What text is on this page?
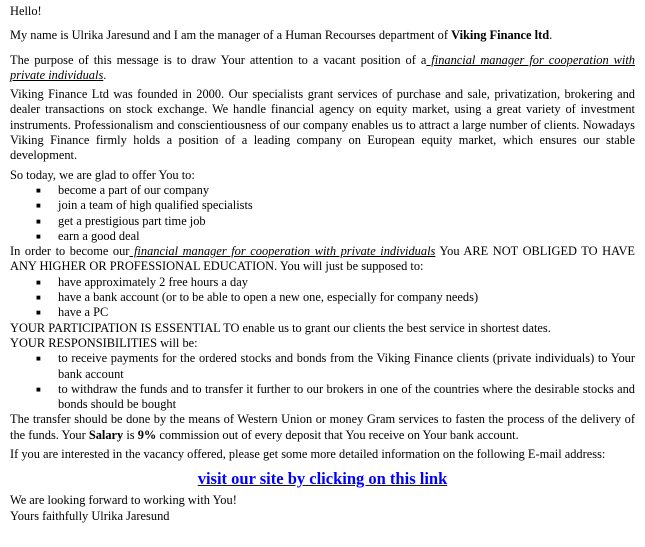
Hello!

My name is Ulrika Jaresund and I am the manager of a Human Recourses department of Viking Finance ltd.

The purpose of this message is to draw Your attention to a vacant position of a financial manager for cooperation with private individuals.

Viking Finance Ltd was founded in 2000. Our specialists grant services of purchase and sale, privatization, brokering and dealer transactions on stock exchange. We handle financial agency on equity market, using a great variety of investment instruments. Professionalism and conscientiousness of our company enables us to attract a large number of clients. Nowadays Viking Finance firmly holds a position of a leading company on European equity market, which ensures our stable development.

So today, we are glad to offer You to:

■ become a part of our company
■ join a team of high qualified specialists
■ get a prestigious part time job
■ earn a good deal

In order to become our financial manager for cooperation with private individuals You ARE NOT OBLIGED TO HAVE ANY HIGHER OR PROFESSIONAL EDUCATION. You will just be supposed to:

■ have approximately 2 free hours a day
■ have a bank account (or to be able to open a new one, especially for company needs)
■ have a PC

YOUR PARTICIPATION IS ESSENTIAL TO enable us to grant our clients the best service in shortest dates.

YOUR RESPONSIBILITIES will be:

■ to receive payments for the ordered stocks and bonds from the Viking Finance clients (private individuals) to Your bank account
■ to withdraw the funds and to transfer it further to our brokers in one of the countries where the desirable stocks and bonds should be bought

The transfer should be done by the means of Western Union or money Gram services to fasten the process of the delivery of the funds. Your Salary is 9% commission out of every deposit that You receive on Your bank account.

If you are interested in the vacancy offered, please get some more detailed information on the following E-mail address:

visit our site by clicking on this link

We are looking forward to working with You!

Yours faithfully Ulrika Jaresund
